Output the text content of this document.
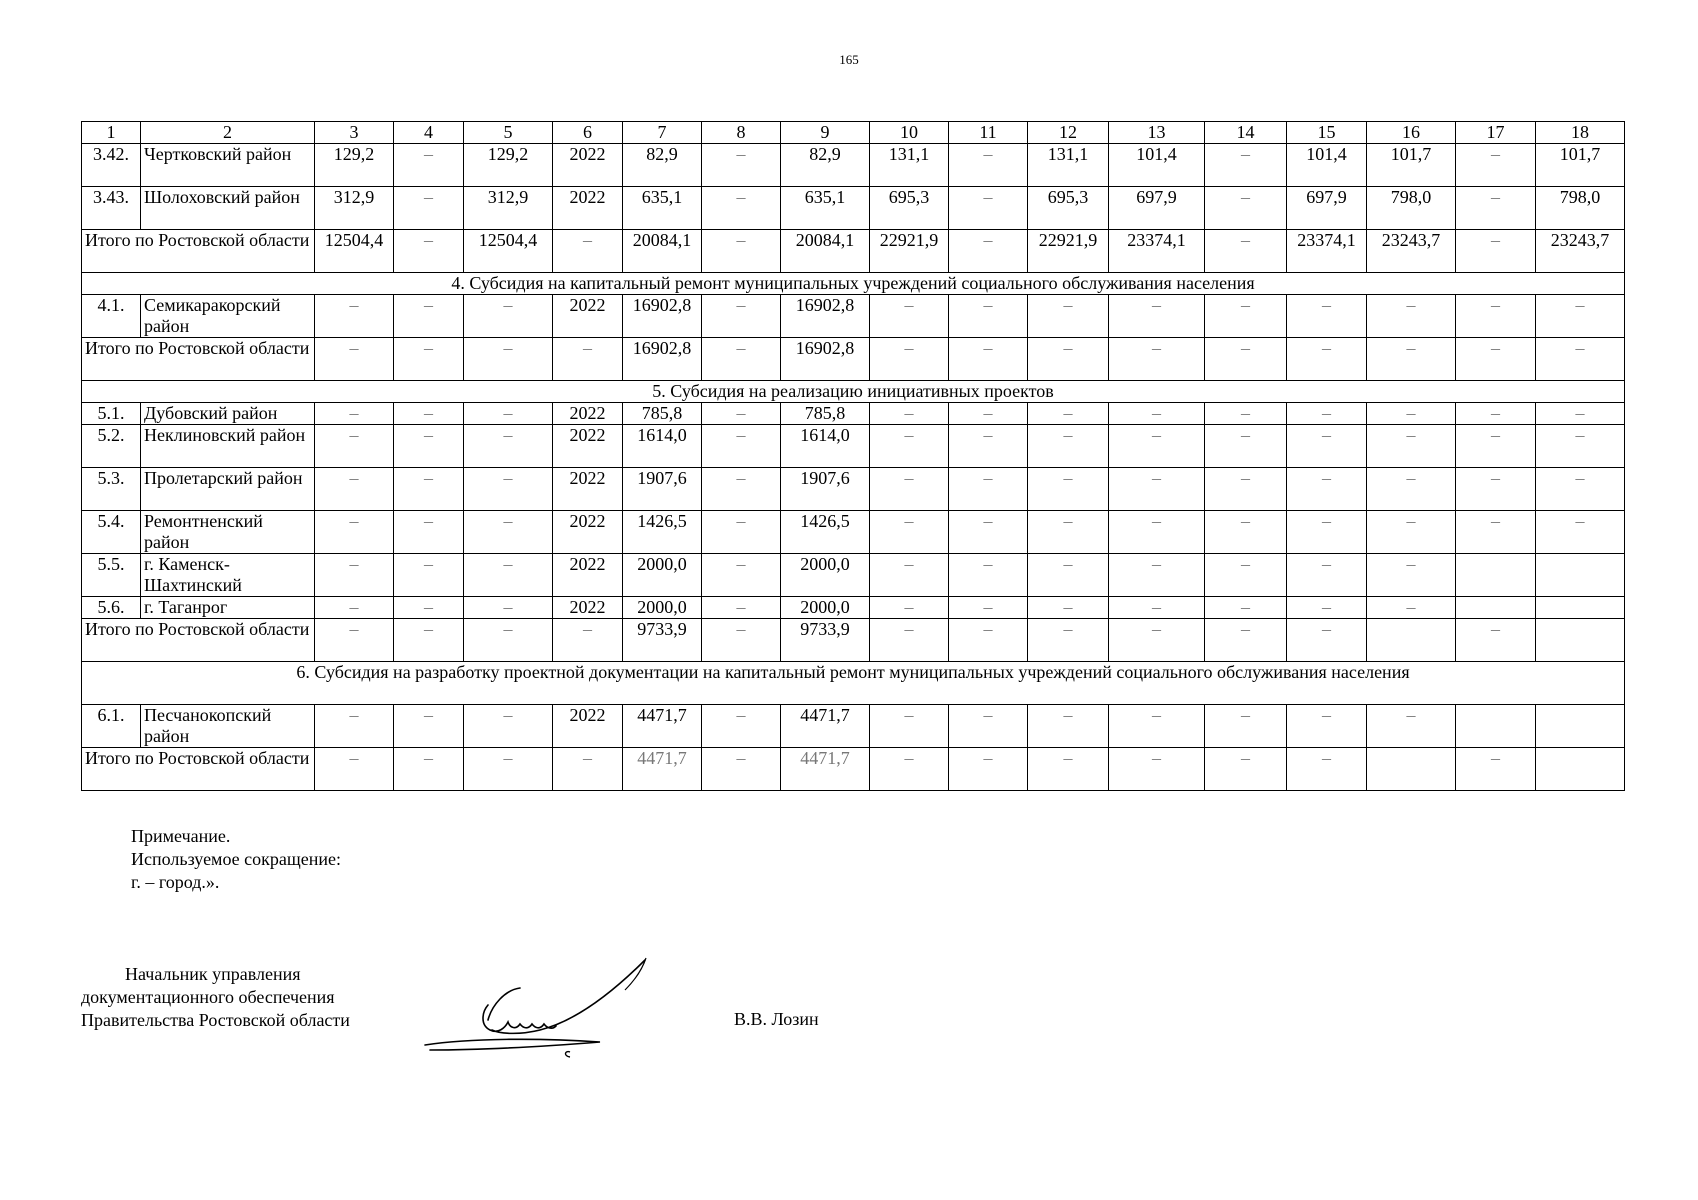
165
1	2	3	4	5	6	7	8	9	10	11	12	13	14	15	16	17	18
3.42.	Чертковский район	129,2	–	129,2	2022	82,9	–	82,9	131,1	–	131,1	101,4	–	101,4	101,7	–	101,7
3.43.	Шолоховский район	312,9	–	312,9	2022	635,1	–	635,1	695,3	–	695,3	697,9	–	697,9	798,0	–	798,0
Итого по Ростовской области		12504,4	–	12504,4	–	20084,1	–	20084,1	22921,9	–	22921,9	23374,1	–	23374,1	23243,7	–	23243,7
4. Субсидия на капитальный ремонт муниципальных учреждений социального обслуживания населения																	
4.1.	Семикаракорский район	–	–	–	2022	16902,8	–	16902,8	–	–	–	–	–	–	–	–	–
Итого по Ростовской области		–	–	–	–	16902,8	–	16902,8	–	–	–	–	–	–	–	–	–
5. Субсидия на реализацию инициативных проектов																	
5.1.	Дубовский район	–	–	–	2022	785,8	–	785,8	–	–	–	–	–	–	–	–	–
5.2.	Неклиновский район	–	–	–	2022	1614,0	–	1614,0	–	–	–	–	–	–	–	–	–
5.3.	Пролетарский район	–	–	–	2022	1907,6	–	1907,6	–	–	–	–	–	–	–	–	–
5.4.	Ремонтненский район	–	–	–	2022	1426,5	–	1426,5	–	–	–	–	–	–	–	–	–
5.5.	г. Каменск-Шахтинский	–	–	–	2022	2000,0	–	2000,0	–	–	–	–	–	–	–		
5.6.	г. Таганрог	–	–	–	2022	2000,0	–	2000,0	–	–	–	–	–	–	–		
Итого по Ростовской области		–	–	–	–	9733,9	–	9733,9	–	–	–	–	–	–		–	
6. Субсидия на разработку проектной документации на капитальный ремонт муниципальных учреждений социального обслуживания населения																	
6.1.	Песчанокопский район	–	–	–	2022	4471,7	–	4471,7	–	–	–	–	–	–	–		
Итого по Ростовской области		–	–	–	–	4471,7	–	4471,7	–	–	–	–	–	–		–	
Примечание.
Используемое сокращение:
г. – город.».
Начальник управления
документационного обеспечения
Правительства Ростовской области	В.В. Лозин
